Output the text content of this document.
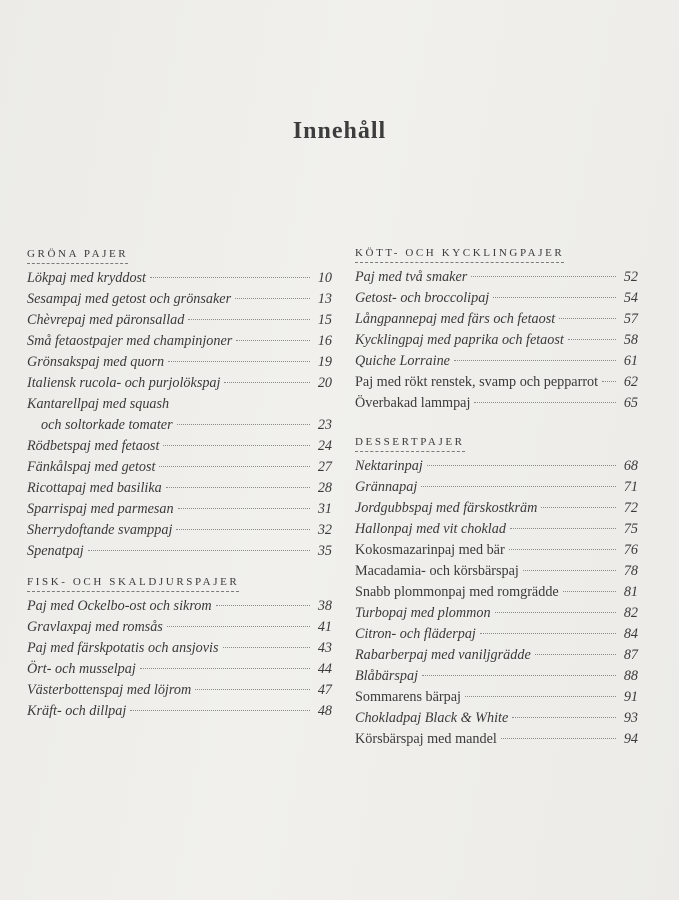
Innehåll
GRÖNA PAJER
Lökpaj med kryddost	10
Sesampaj med getost och grönsaker	13
Chèvrepaj med päronsallad	15
Små fetaostpajer med champinjoner	16
Grönsakspaj med quorn	19
Italiensk rucola- och purjolökspaj	20
Kantarellpaj med squash
och soltorkade tomater	23
Rödbetspaj med fetaost	24
Fänkålspaj med getost	27
Ricottapaj med basilika	28
Sparrispaj med parmesan	31
Sherrydoftande svamppaj	32
Spenatpaj	35
FISK- OCH SKALDJURSPAJER
Paj med Ockelbo-ost och sikrom	38
Gravlaxpaj med romsås	41
Paj med färskpotatis och ansjovis	43
Ört- och musselpaj	44
Västerbottenspaj med löjrom	47
Kräft- och dillpaj	48
KÖTT- OCH KYCKLINGPAJER
Paj med två smaker	52
Getost- och broccolipaj	54
Långpannepaj med färs och fetaost	57
Kycklingpaj med paprika och fetaost	58
Quiche Lorraine	61
Paj med rökt renstek, svamp och pepparrot 62
Överbakad lammpaj	65
DESSERTPAJER
Nektarinpaj	68
Grännapaj	71
Jordgubbspaj med färskostkräm	72
Hallonpaj med vit choklad	75
Kokosmazarinpaj med bär	76
Macadamia- och körsbärspaj	78
Snabb plommonpaj med romgrädde	81
Turbopaj med plommon	82
Citron- och fläderpaj	84
Rabarberpaj med vaniljgrädde	87
Blåbärspaj	88
Sommarens bärpaj	91
Chokladpaj Black & White	93
Körsbärspaj med mandel	94
